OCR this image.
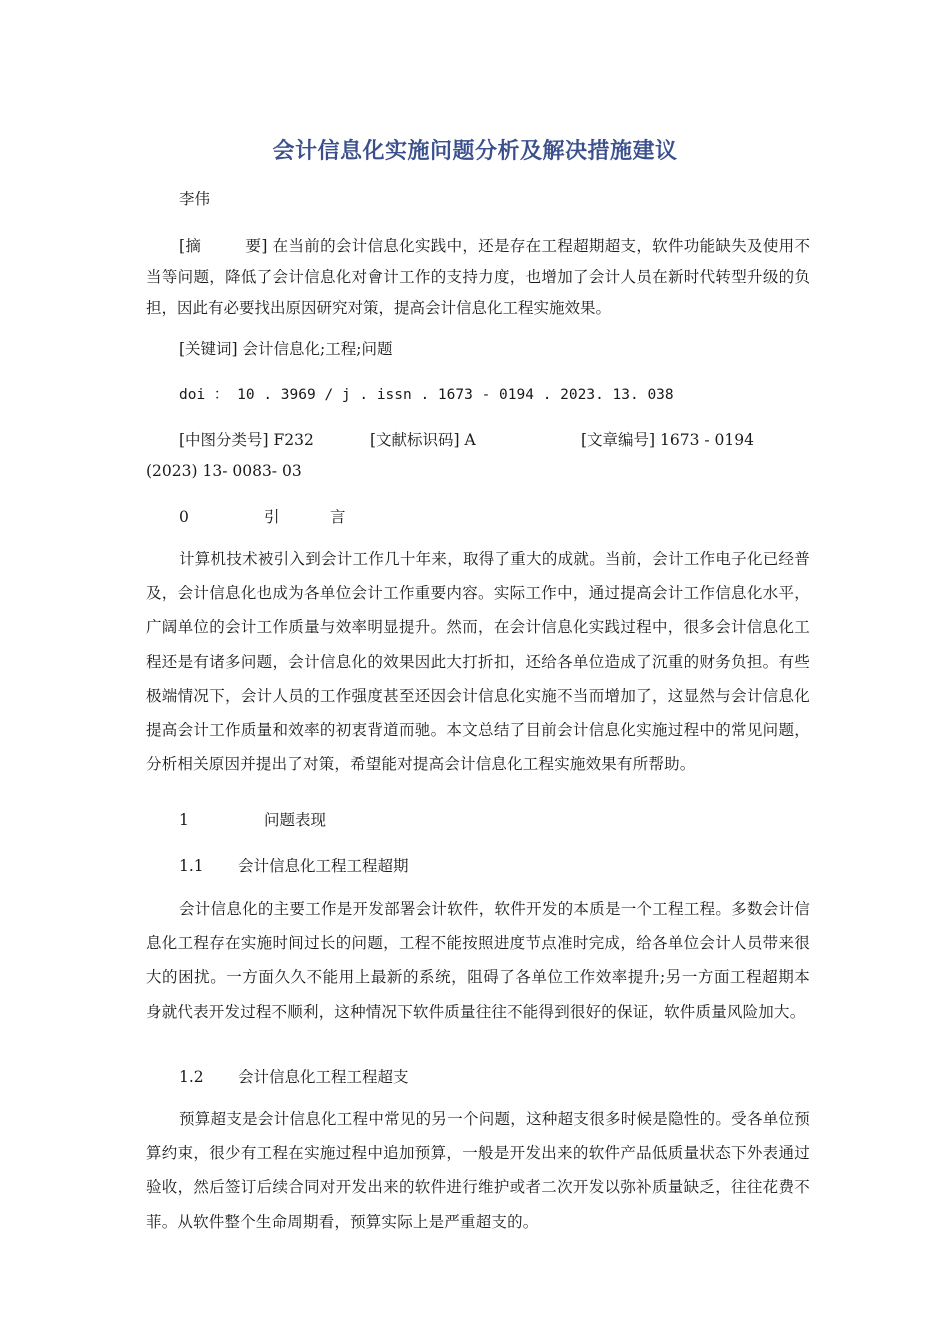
会计信息化实施问题分析及解决措施建议
李伟
[摘	要] 在当前的会计信息化实践中，还是存在工程超期超支，软件功能缺失及使用不当等问题，降低了会计信息化对會计工作的支持力度，也增加了会计人员在新时代转型升级的负担，因此有必要找出原因研究对策，提高会计信息化工程实施效果。
[关键词] 会计信息化;工程;问题
doi ： 10 . 3969 / j . issn . 1673 - 0194 . 2023. 13. 038
[中图分类号] F232	[文献标识码] A	[文章编号] 1673 - 0194
(2023) 13- 0083- 03
0	引	言
计算机技术被引入到会计工作几十年来，取得了重大的成就。当前，会计工作电子化已经普及，会计信息化也成为各单位会计工作重要内容。实际工作中，通过提高会计工作信息化水平，广阔单位的会计工作质量与效率明显提升。然而，在会计信息化实践过程中，很多会计信息化工程还是有诸多问题，会计信息化的效果因此大打折扣，还给各单位造成了沉重的财务负担。有些极端情况下，会计人员的工作强度甚至还因会计信息化实施不当而增加了，这显然与会计信息化提高会计工作质量和效率的初衷背道而驰。本文总结了目前会计信息化实施过程中的常见问题，分析相关原因并提出了对策，希望能对提高会计信息化工程实施效果有所帮助。
1	问题表现
1.1 会计信息化工程工程超期
会计信息化的主要工作是开发部署会计软件，软件开发的本质是一个工程工程。多数会计信息化工程存在实施时间过长的问题，工程不能按照进度节点准时完成，给各单位会计人员带来很大的困扰。一方面久久不能用上最新的系统，阻碍了各单位工作效率提升;另一方面工程超期本身就代表开发过程不顺利，这种情况下软件质量往往不能得到很好的保证，软件质量风险加大。
1.2 会计信息化工程工程超支
预算超支是会计信息化工程中常见的另一个问题，这种超支很多时候是隐性的。受各单位预算约束，很少有工程在实施过程中追加预算，一般是开发出来的软件产品低质量状态下外表通过验收，然后签订后续合同对开发出来的软件进行维护或者二次开发以弥补质量缺乏，往往花费不菲。从软件整个生命周期看，预算实际上是严重超支的。
